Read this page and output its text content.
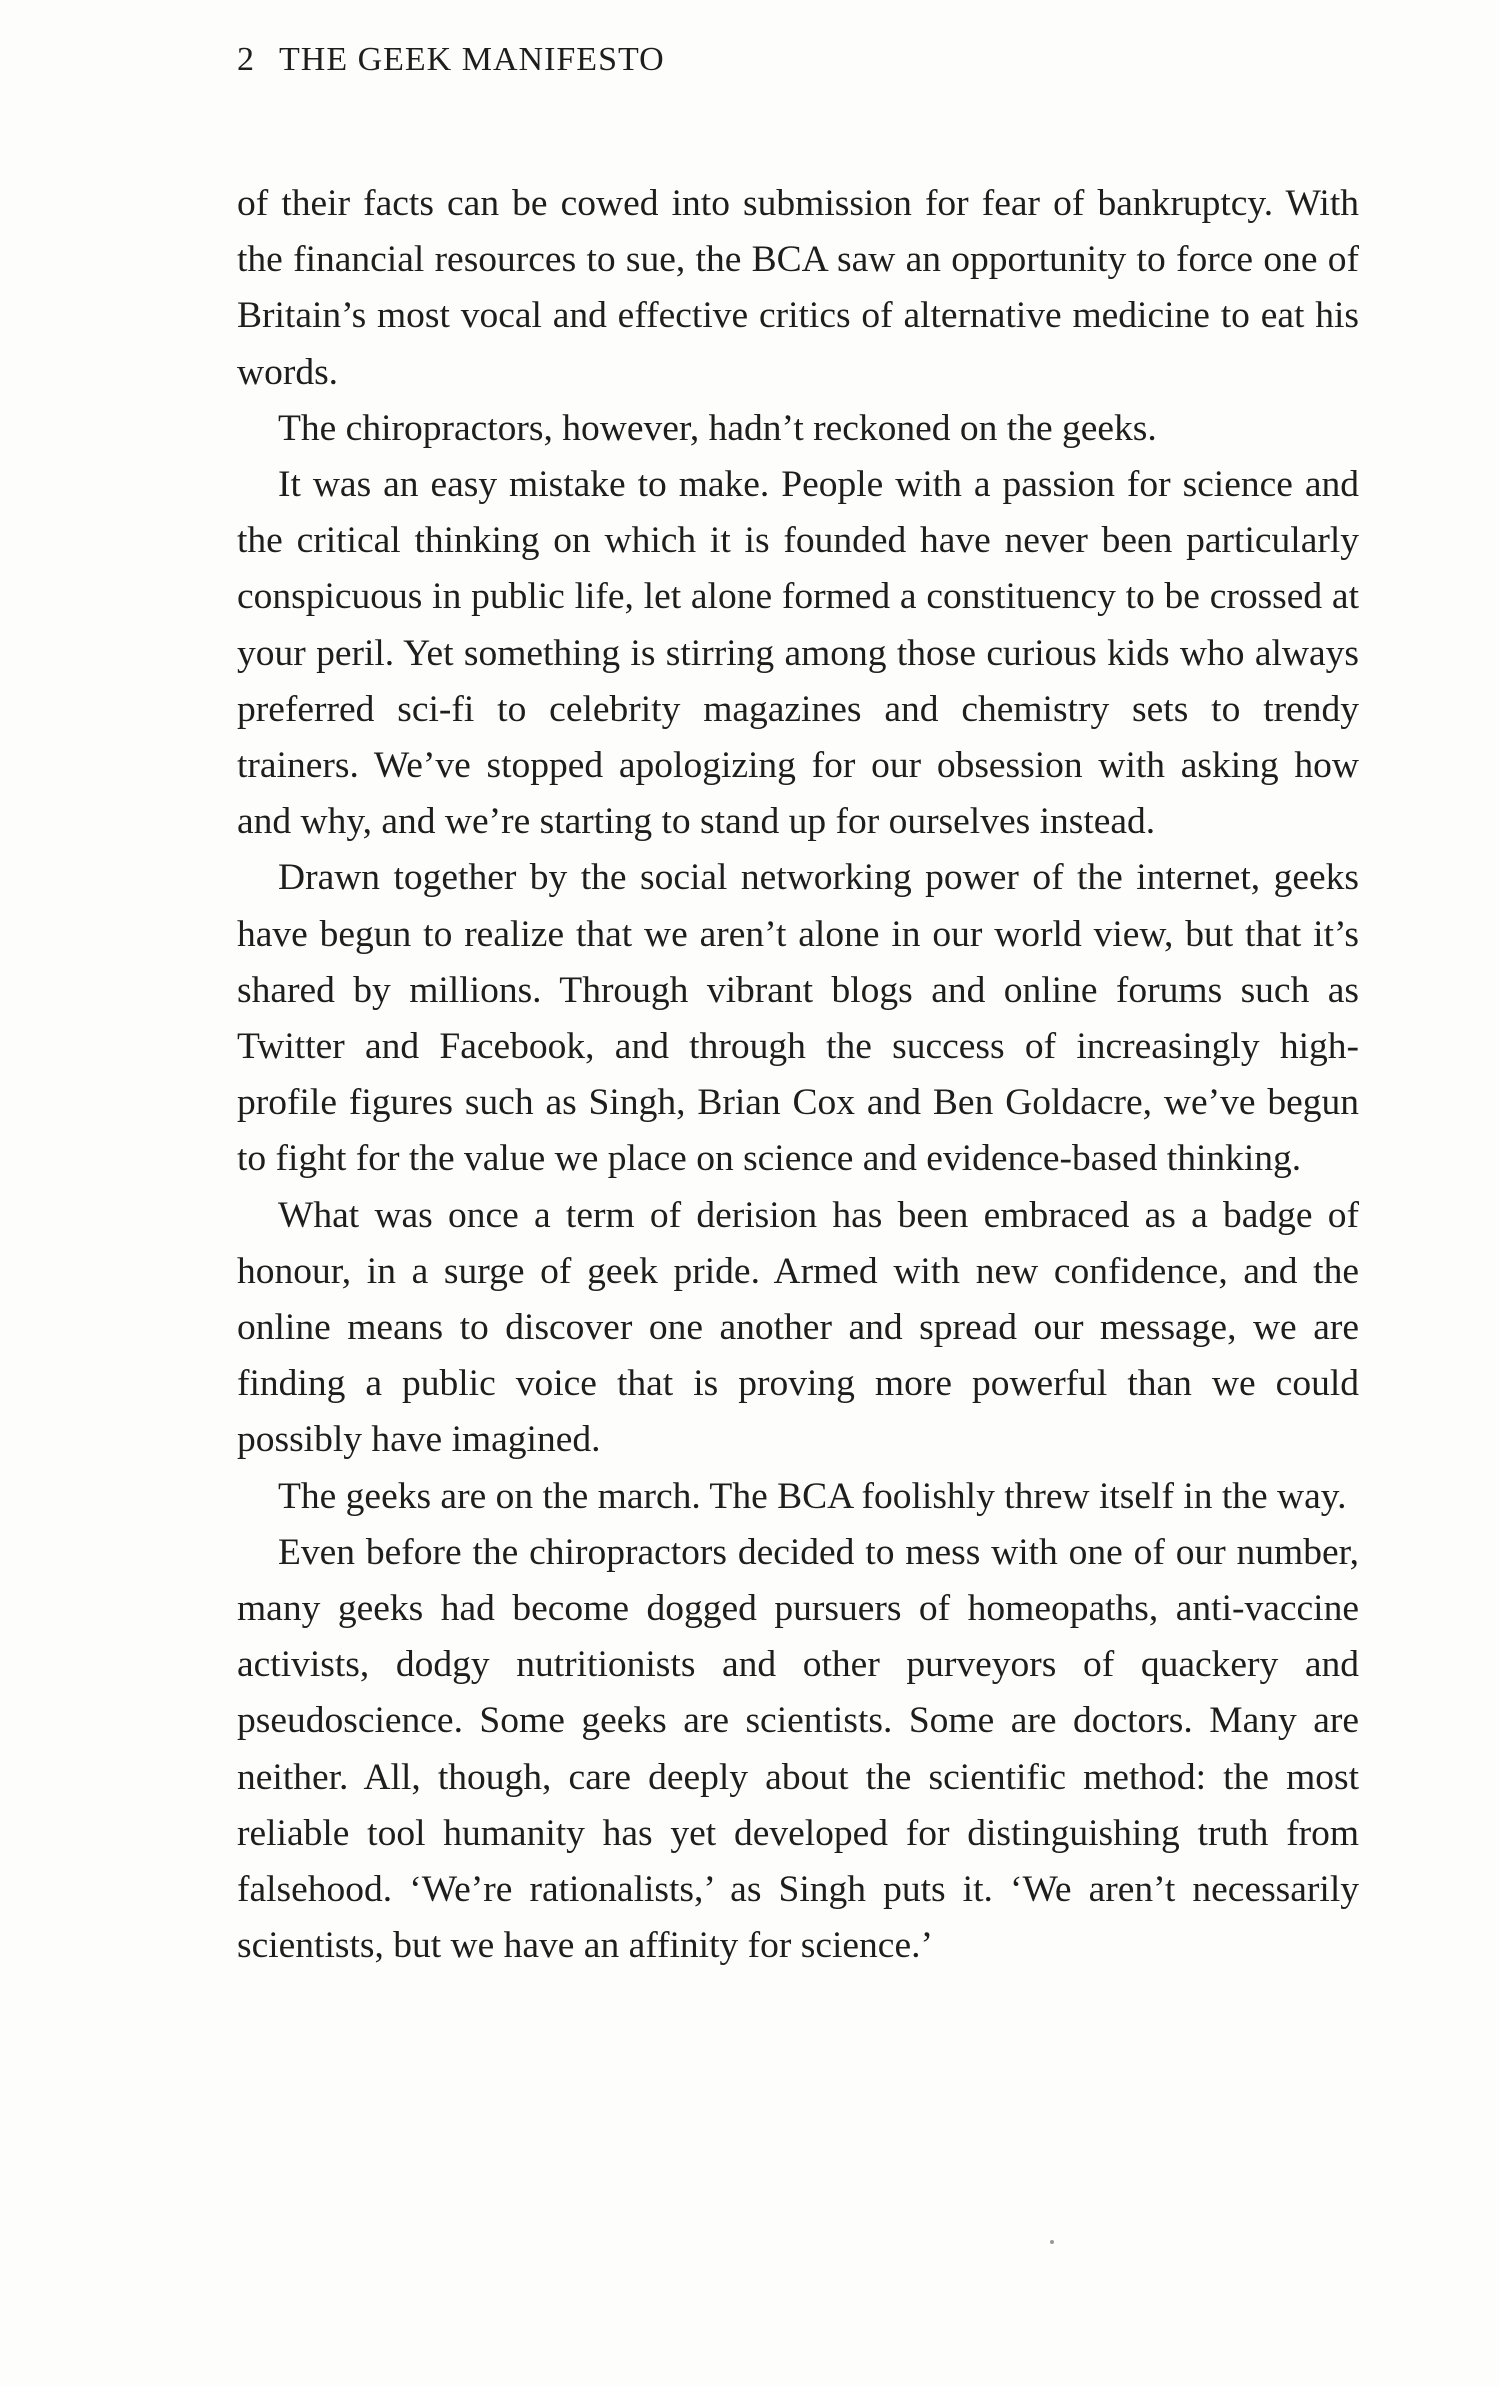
2 THE GEEK MANIFESTO

of their facts can be cowed into submission for fear of bankruptcy. With the financial resources to sue, the BCA saw an opportunity to force one of Britain’s most vocal and effective critics of alternative medicine to eat his words.

The chiropractors, however, hadn’t reckoned on the geeks.

It was an easy mistake to make. People with a passion for science and the critical thinking on which it is founded have never been particularly conspicuous in public life, let alone formed a constituency to be crossed at your peril. Yet something is stirring among those curious kids who always preferred sci-fi to celebrity magazines and chemistry sets to trendy trainers. We’ve stopped apologizing for our obsession with asking how and why, and we’re starting to stand up for ourselves instead.

Drawn together by the social networking power of the internet, geeks have begun to realize that we aren’t alone in our world view, but that it’s shared by millions. Through vibrant blogs and online forums such as Twitter and Facebook, and through the success of increasingly high-profile figures such as Singh, Brian Cox and Ben Goldacre, we’ve begun to fight for the value we place on science and evidence-based thinking.

What was once a term of derision has been embraced as a badge of honour, in a surge of geek pride. Armed with new confidence, and the online means to discover one another and spread our message, we are finding a public voice that is proving more powerful than we could possibly have imagined.

The geeks are on the march. The BCA foolishly threw itself in the way.

Even before the chiropractors decided to mess with one of our number, many geeks had become dogged pursuers of homeopaths, anti-vaccine activists, dodgy nutritionists and other purveyors of quackery and pseudoscience. Some geeks are scientists. Some are doctors. Many are neither. All, though, care deeply about the scientific method: the most reliable tool humanity has yet developed for distinguishing truth from falsehood. ‘We’re rationalists,’ as Singh puts it. ‘We aren’t necessarily scientists, but we have an affinity for science.’
